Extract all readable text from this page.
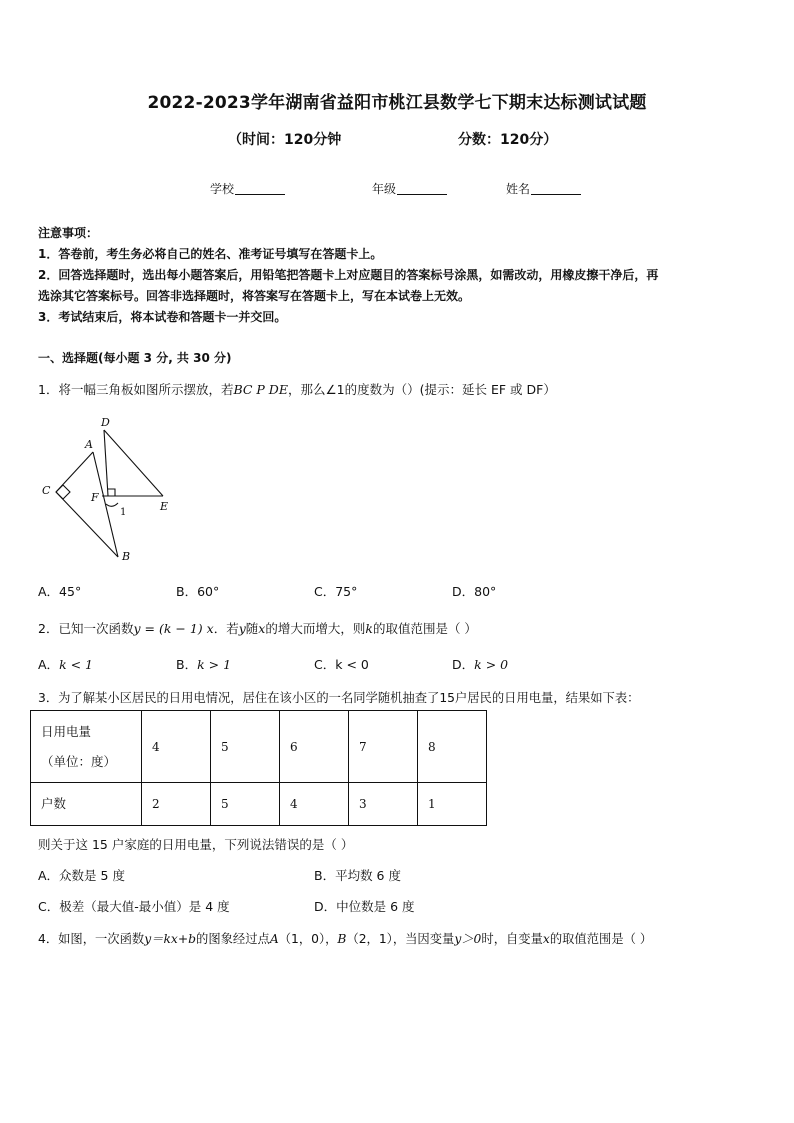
2022-2023学年湖南省益阳市桃江县数学七下期末达标测试试题
（时间：120分钟	分数：120分）
学校	年级	姓名
注意事项：
1．答卷前，考生务必将自己的姓名、准考证号填写在答题卡上。
2．回答选择题时，选出每小题答案后，用铅笔把答题卡上对应题目的答案标号涂黑，如需改动，用橡皮擦干净后，再
选涂其它答案标号。回答非选择题时，将答案写在答题卡上，写在本试卷上无效。
3．考试结束后，将本试卷和答题卡一并交回。
一、选择题(每小题 3 分, 共 30 分)
1．将一幅三角板如图所示摆放，若BC P DE，那么∠1的度数为（）(提示：延长 EF 或 DF）
A
D
C
F
1	E
B
A．45°	B．60°	C．75°	D．80°
2．已知一次函数y = (k − 1) x．若y随x的增大而增大，则k的取值范围是（ ）
A．k < 1	B．k > 1	C．k < 0	D．k > 0
3．为了解某小区居民的日用电情况，居住在该小区的一名同学随机抽查了15户居民的日用电量，结果如下表：
日用电量
（单位：度）	4	5	6	7	8
户数	2	5	4	3	1
则关于这 15 户家庭的日用电量，下列说法错误的是（ ）
A．众数是 5 度	B．平均数 6 度
C．极差（最大值-最小值）是 4 度	D．中位数是 6 度
4．如图，一次函数y＝kx+b的图象经过点A（1，0），B（2，1），当因变量y＞0时，自变量x的取值范围是（ ）
